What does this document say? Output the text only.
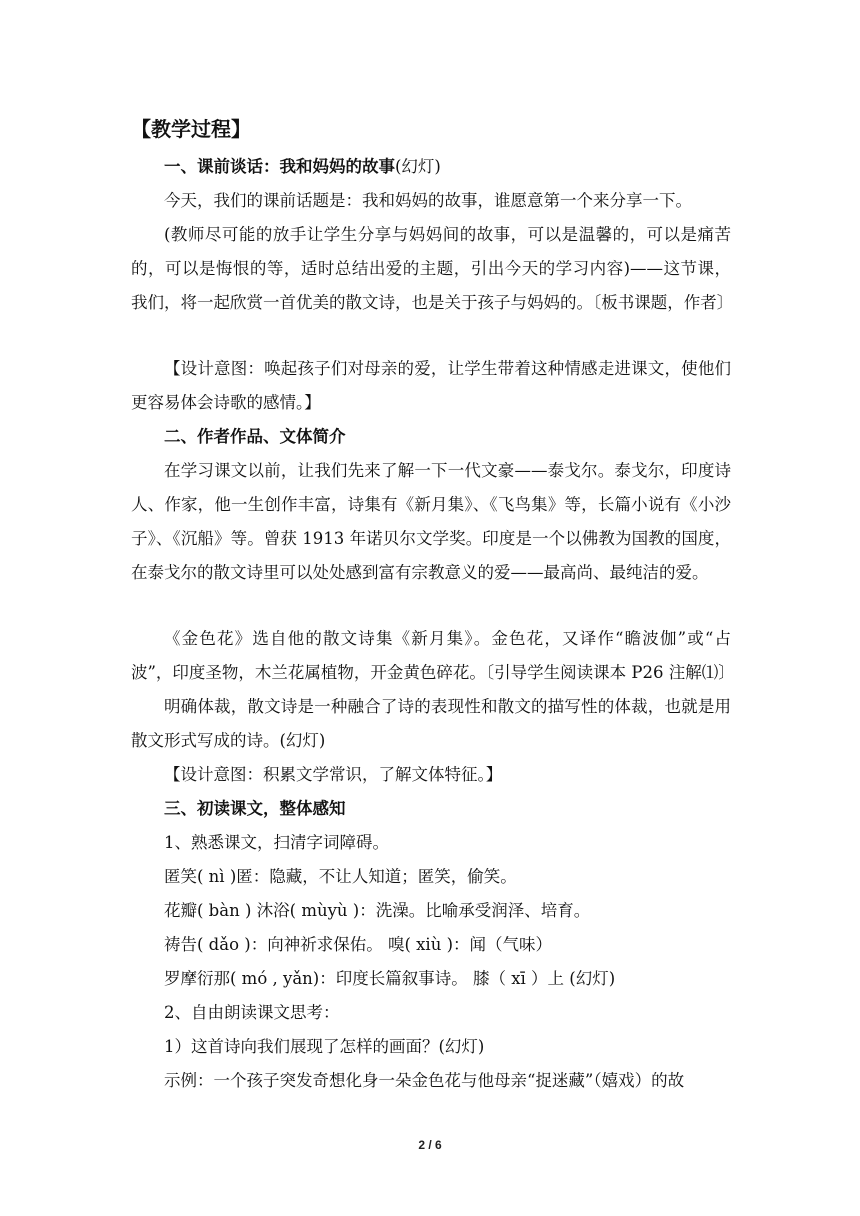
【教学过程】
一、课前谈话：我和妈妈的故事(幻灯)

今天，我们的课前话题是：我和妈妈的故事，谁愿意第一个来分享一下。

(教师尽可能的放手让学生分享与妈妈间的故事，可以是温馨的，可以是痛苦的，可以是悔恨的等，适时总结出爱的主题，引出今天的学习内容)——这节课，我们，将一起欣赏一首优美的散文诗，也是关于孩子与妈妈的。〔板书课题，作者〕

【设计意图：唤起孩子们对母亲的爱，让学生带着这种情感走进课文，使他们更容易体会诗歌的感情。】

二、作者作品、文体简介

在学习课文以前，让我们先来了解一下一代文豪——泰戈尔。泰戈尔，印度诗人、作家，他一生创作丰富，诗集有《新月集》、《飞鸟集》等，长篇小说有《小沙子》、《沉船》等。曾获 1913 年诺贝尔文学奖。印度是一个以佛教为国教的国度，在泰戈尔的散文诗里可以处处感到富有宗教意义的爱——最高尚、最纯洁的爱。

《金色花》选自他的散文诗集《新月集》。金色花，又译作“瞻波伽”或“占波”，印度圣物，木兰花属植物，开金黄色碎花。〔引导学生阅读课本 P26 注解⑴〕

明确体裁，散文诗是一种融合了诗的表现性和散文的描写性的体裁，也就是用散文形式写成的诗。(幻灯)

【设计意图：积累文学常识，了解文体特征。】

三、初读课文，整体感知

1、熟悉课文，扫清字词障碍。

匿笑( nì )匿：隐藏，不让人知道；匿笑，偷笑。

花瓣( bàn ) 沐浴( mùyù )：洗澡。比喻承受润泽、培育。

祷告( dǎo )：向神祈求保佑。 嗅( xiù )：闻（气味）

罗摩衍那( mó , yǎn)：印度长篇叙事诗。 膝（ xī ）上 (幻灯)

2、自由朗读课文思考：

1）这首诗向我们展现了怎样的画面？(幻灯)

示例：一个孩子突发奇想化身一朵金色花与他母亲“捉迷藏”（嬉戏）的故

2 / 6
